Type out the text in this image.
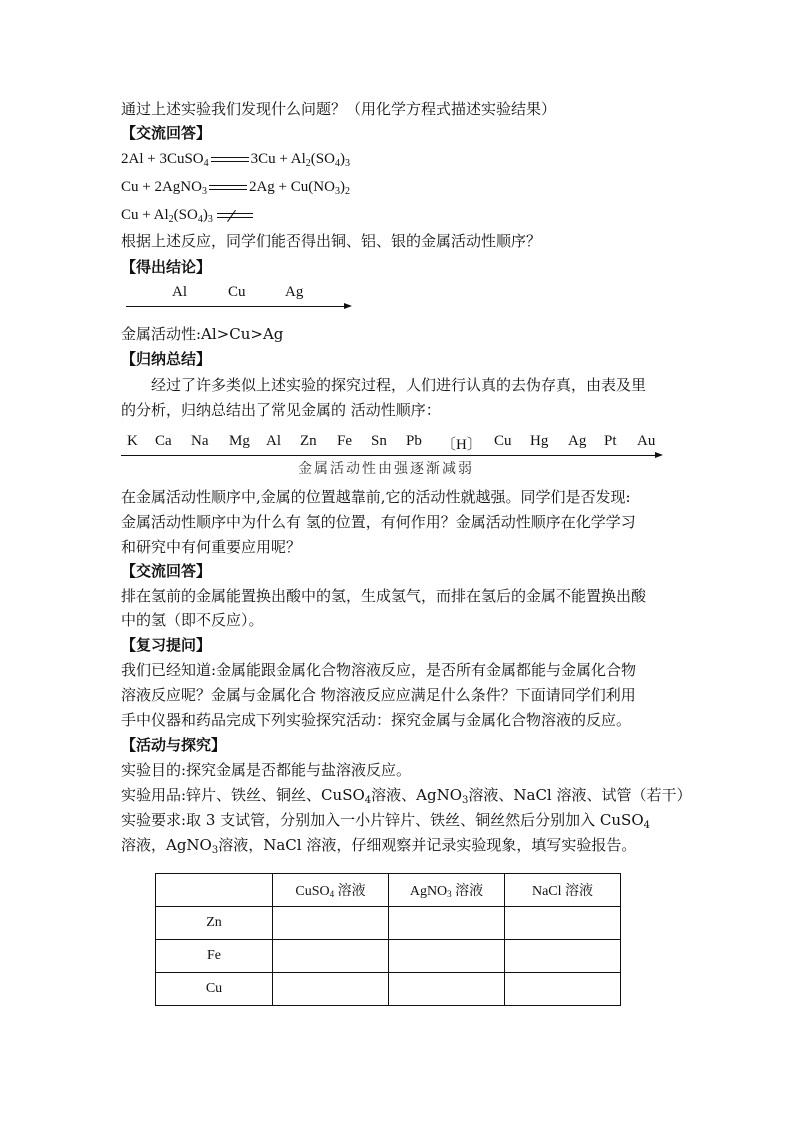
通过上述实验我们发现什么问题？（用化学方程式描述实验结果）
【交流回答】
2Al + 3CuSO$_4$	$3Cu + Al_2(SO_4)_3$
Cu + 2AgNO$_3$	$2Ag + Cu(NO_3)_2$
$Cu + Al_2(SO_4)_3$
根据上述反应，同学们能否得出铜、铝、银的金属活动性顺序？
【得出结论】
Al	Cu	Ag
金属活动性:Al>Cu>Ag
【归纳总结】
经过了许多类似上述实验的探究过程，人们进行认真的去伪存真，由表及里
的分析，归纳总结出了常见金属的 活动性顺序：
K Ca Na Mg Al Zn Fe Sn Pb 〔H〕 Cu Hg Ag Pt Au
金属活动性由强逐渐减弱
在金属活动性顺序中,金属的位置越靠前,它的活动性就越强。同学们是否发现:
金属活动性顺序中为什么有 氢的位置，有何作用？金属活动性顺序在化学学习
和研究中有何重要应用呢？
【交流回答】
排在氢前的金属能置换出酸中的氢，生成氢气，而排在氢后的金属不能置换出酸
中的氢（即不反应）。
【复习提问】
我们已经知道:金属能跟金属化合物溶液反应，是否所有金属都能与金属化合物
溶液反应呢？金属与金属化合 物溶液反应应满足什么条件？下面请同学们利用
手中仪器和药品完成下列实验探究活动：探究金属与金属化合物溶液的反应。
【活动与探究】
实验目的:探究金属是否都能与盐溶液反应。
实验用品:锌片、铁丝、铜丝、CuSO$_4$溶液、AgNO$_3$溶液、NaCl 溶液、试管（若干）
实验要求:取 3 支试管，分别加入一小片锌片、铁丝、铜丝然后分别加入 CuSO$_4$
溶液，AgNO$_3$溶液，NaCl 溶液，仔细观察并记录实验现象，填写实验报告。
	CuSO$_4$ 溶液	AgNO$_3$ 溶液	NaCl 溶液
Zn			
Fe			
Cu			
